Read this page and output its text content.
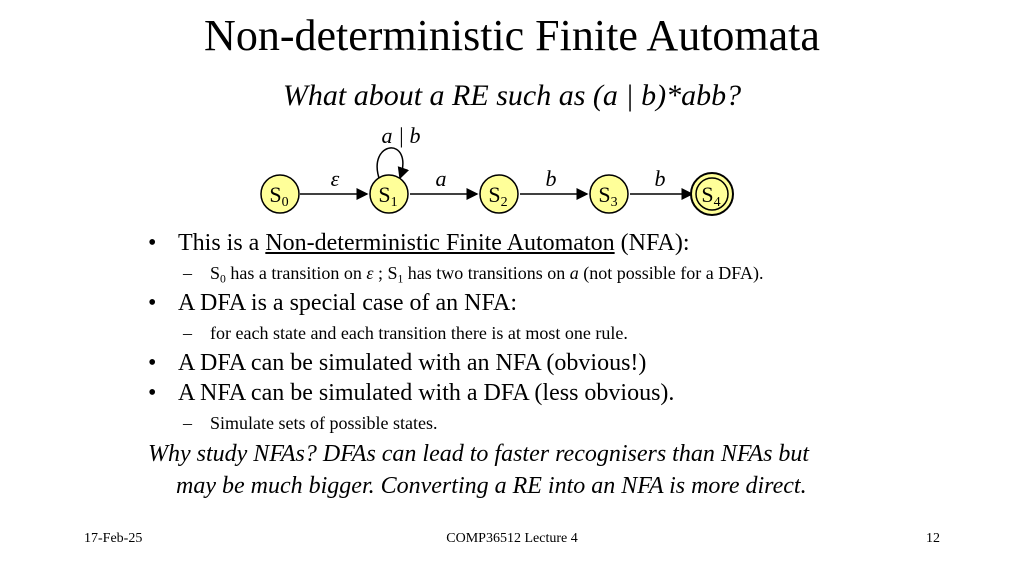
Non-deterministic Finite Automata
What about a RE such as (a | b)*abb?
a | b
ε	a	b	b
S0	S1	S2	S3	S4
• This is a Non-deterministic Finite Automaton (NFA):
– $S_0$ has a transition on ε ; $S_1$ has two transitions on a (not possible for a DFA).
• A DFA is a special case of an NFA:
– for each state and each transition there is at most one rule.
• A DFA can be simulated with an NFA (obvious!)
• A NFA can be simulated with a DFA (less obvious).
– Simulate sets of possible states.
Why study NFAs? DFAs can lead to faster recognisers than NFAs but
may be much bigger. Converting a RE into an NFA is more direct.
17-Feb-25	COMP36512 Lecture 4	12
